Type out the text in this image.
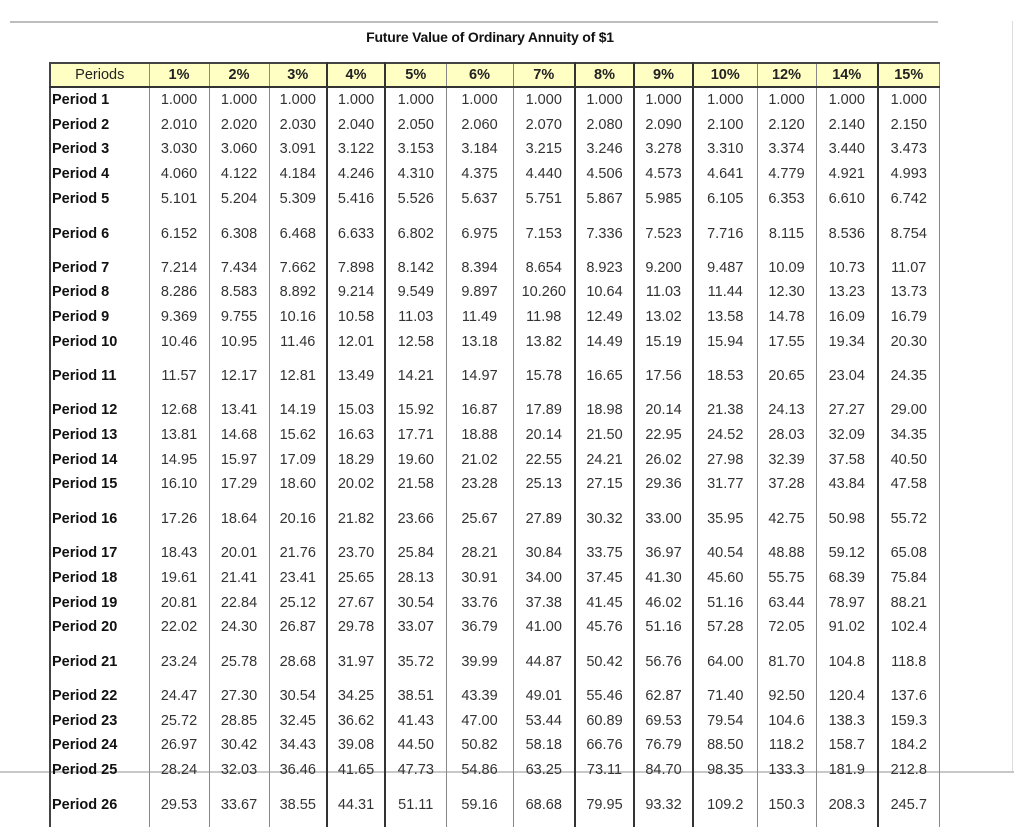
Future Value of Ordinary Annuity of $1
Periods	1%	2%	3%	4%	5%	6%	7%	8%	9%	10%	12%	14%	15%
Period 1	1.000	1.000	1.000	1.000	1.000	1.000	1.000	1.000	1.000	1.000	1.000	1.000	1.000
Period 2	2.010	2.020	2.030	2.040	2.050	2.060	2.070	2.080	2.090	2.100	2.120	2.140	2.150
Period 3	3.030	3.060	3.091	3.122	3.153	3.184	3.215	3.246	3.278	3.310	3.374	3.440	3.473
Period 4	4.060	4.122	4.184	4.246	4.310	4.375	4.440	4.506	4.573	4.641	4.779	4.921	4.993
Period 5	5.101	5.204	5.309	5.416	5.526	5.637	5.751	5.867	5.985	6.105	6.353	6.610	6.742
Period 6	6.152	6.308	6.468	6.633	6.802	6.975	7.153	7.336	7.523	7.716	8.115	8.536	8.754
Period 7	7.214	7.434	7.662	7.898	8.142	8.394	8.654	8.923	9.200	9.487	10.09	10.73	11.07
Period 8	8.286	8.583	8.892	9.214	9.549	9.897	10.260	10.64	11.03	11.44	12.30	13.23	13.73
Period 9	9.369	9.755	10.16	10.58	11.03	11.49	11.98	12.49	13.02	13.58	14.78	16.09	16.79
Period 10	10.46	10.95	11.46	12.01	12.58	13.18	13.82	14.49	15.19	15.94	17.55	19.34	20.30
Period 11	11.57	12.17	12.81	13.49	14.21	14.97	15.78	16.65	17.56	18.53	20.65	23.04	24.35
Period 12	12.68	13.41	14.19	15.03	15.92	16.87	17.89	18.98	20.14	21.38	24.13	27.27	29.00
Period 13	13.81	14.68	15.62	16.63	17.71	18.88	20.14	21.50	22.95	24.52	28.03	32.09	34.35
Period 14	14.95	15.97	17.09	18.29	19.60	21.02	22.55	24.21	26.02	27.98	32.39	37.58	40.50
Period 15	16.10	17.29	18.60	20.02	21.58	23.28	25.13	27.15	29.36	31.77	37.28	43.84	47.58
Period 16	17.26	18.64	20.16	21.82	23.66	25.67	27.89	30.32	33.00	35.95	42.75	50.98	55.72
Period 17	18.43	20.01	21.76	23.70	25.84	28.21	30.84	33.75	36.97	40.54	48.88	59.12	65.08
Period 18	19.61	21.41	23.41	25.65	28.13	30.91	34.00	37.45	41.30	45.60	55.75	68.39	75.84
Period 19	20.81	22.84	25.12	27.67	30.54	33.76	37.38	41.45	46.02	51.16	63.44	78.97	88.21
Period 20	22.02	24.30	26.87	29.78	33.07	36.79	41.00	45.76	51.16	57.28	72.05	91.02	102.4
Period 21	23.24	25.78	28.68	31.97	35.72	39.99	44.87	50.42	56.76	64.00	81.70	104.8	118.8
Period 22	24.47	27.30	30.54	34.25	38.51	43.39	49.01	55.46	62.87	71.40	92.50	120.4	137.6
Period 23	25.72	28.85	32.45	36.62	41.43	47.00	53.44	60.89	69.53	79.54	104.6	138.3	159.3
Period 24	26.97	30.42	34.43	39.08	44.50	50.82	58.18	66.76	76.79	88.50	118.2	158.7	184.2
Period 25	28.24	32.03	36.46	41.65	47.73	54.86	63.25	73.11	84.70	98.35	133.3	181.9	212.8
Period 26	29.53	33.67	38.55	44.31	51.11	59.16	68.68	79.95	93.32	109.2	150.3	208.3	245.7
